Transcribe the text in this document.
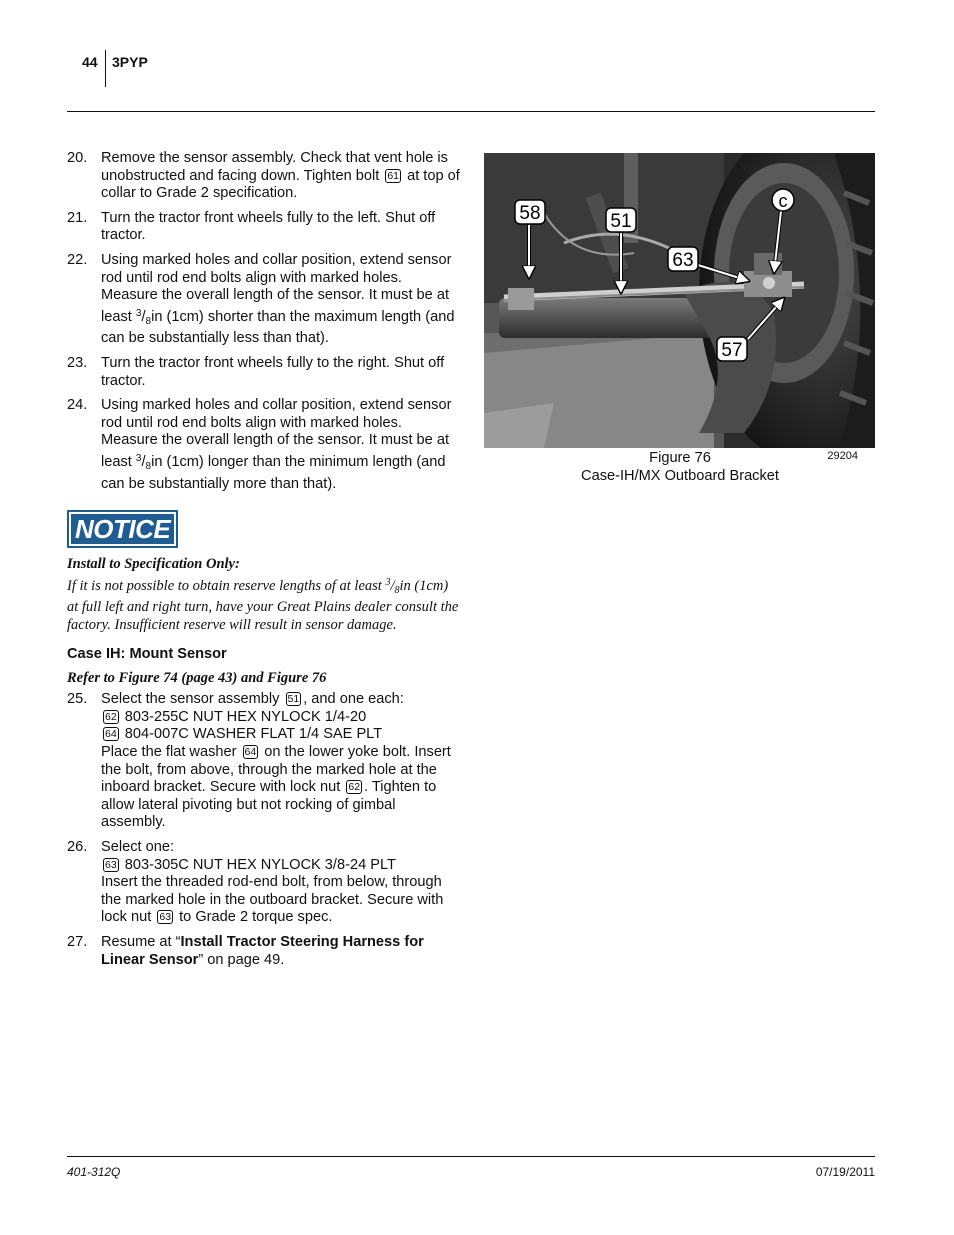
44 3PYP
20. Remove the sensor assembly. Check that vent hole is unobstructed and facing down. Tighten bolt 61 at top of collar to Grade 2 specification.
21. Turn the tractor front wheels fully to the left. Shut off tractor.
22. Using marked holes and collar position, extend sensor rod until rod end bolts align with marked holes. Measure the overall length of the sensor. It must be at least $^3/_8in$ (1cm) shorter than the maximum length (and can be substantially less than that).
23. Turn the tractor front wheels fully to the right. Shut off tractor.
24. Using marked holes and collar position, extend sensor rod until rod end bolts align with marked holes. Measure the overall length of the sensor. It must be at least $^3/_8in$ (1cm) longer than the minimum length (and can be substantially more than that).
NOTICE
Install to Specification Only:
If it is not possible to obtain reserve lengths of at least $^3/_8in$ (1cm) at full left and right turn, have your Great Plains dealer consult the factory. Insufficient reserve will result in sensor damage.
Case IH: Mount Sensor
Refer to Figure 74 (page 43) and Figure 76
25. Select the sensor assembly 51 , and one each:
62 803-255C NUT HEX NYLOCK 1/4-20
64 804-007C WASHER FLAT 1/4 SAE PLT
Place the flat washer 64 on the lower yoke bolt. Insert the bolt, from above, through the marked hole at the inboard bracket. Secure with lock nut 62 . Tighten to allow lateral pivoting but not rocking of gimbal assembly.
26. Select one:
63 803-305C NUT HEX NYLOCK 3/8-24 PLT
Insert the threaded rod-end bolt, from below, through the marked hole in the outboard bracket. Secure with lock nut 63 to Grade 2 torque spec.
27. Resume at “Install Tractor Steering Harness for Linear Sensor” on page 49.
58	51
63
57
c
Figure 76
Case-IH/MX Outboard Bracket
29204
401-312Q	07/19/2011
